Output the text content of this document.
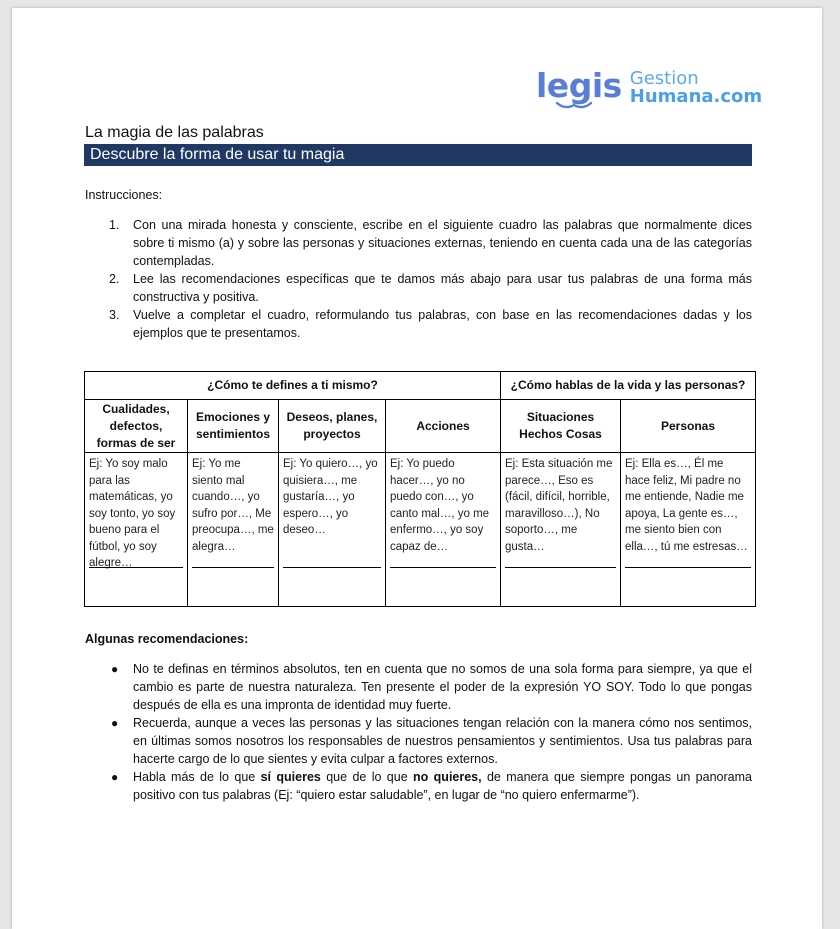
legis Gestion
Humana.com
La magia de las palabras
Descubre la forma de usar tu magia
Instrucciones:
1. Con una mirada honesta y consciente, escribe en el siguiente cuadro las palabras que normalmente dices sobre ti mismo (a) y sobre las personas y situaciones externas, teniendo en cuenta cada una de las categorías contempladas.
2. Lee las recomendaciones específicas que te damos más abajo para usar tus palabras de una forma más constructiva y positiva.
3. Vuelve a completar el cuadro, reformulando tus palabras, con base en las recomendaciones dadas y los ejemplos que te presentamos.
¿Cómo te defines a ti mismo?				¿Cómo hablas de la vida y las personas?	
Cualidades, defectos, formas de ser	Emociones y sentimientos	Deseos, planes, proyectos	Acciones	Situaciones Hechos Cosas	Personas

Ej: Yo soy malo para las matemáticas, yo soy tonto, yo soy bueno para el fútbol, yo soy alegre…	Ej: Yo me siento mal cuando…, yo sufro por…, Me preocupa…, me alegra…	Ej: Yo quiero…, yo quisiera…, me gustaría…, yo espero…, yo deseo…	Ej: Yo puedo hacer…, yo no puedo con…, yo canto mal…, yo me enfermo…, yo soy capaz de…	Ej: Esta situación me parece…, Eso es (fácil, difícil, horrible, maravilloso…), No soporto…, me gusta…	Ej: Ella es…, Él me hace feliz, Mi padre no me entiende, Nadie me apoya, La gente es…, me siento bien con ella…, tú me estresas…
Algunas recomendaciones:
● No te definas en términos absolutos, ten en cuenta que no somos de una sola forma para siempre, ya que el cambio es parte de nuestra naturaleza. Ten presente el poder de la expresión YO SOY. Todo lo que pongas después de ella es una impronta de identidad muy fuerte.
● Recuerda, aunque a veces las personas y las situaciones tengan relación con la manera cómo nos sentimos, en últimas somos nosotros los responsables de nuestros pensamientos y sentimientos. Usa tus palabras para hacerte cargo de lo que sientes y evita culpar a factores externos.
● Habla más de lo que sí quieres que de lo que no quieres, de manera que siempre pongas un panorama positivo con tus palabras (Ej: “quiero estar saludable”, en lugar de “no quiero enfermarme”).
